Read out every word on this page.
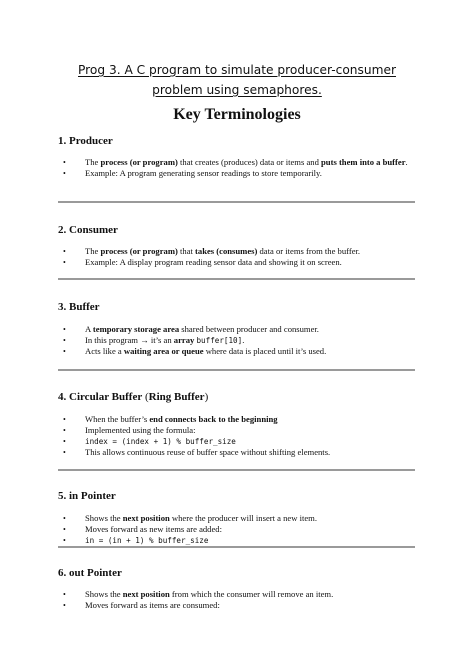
Prog 3. A C program to simulate producer-consumer
problem using semaphores.
Key Terminologies
1. Producer
• The process (or program) that creates (produces) data or items and puts them into a buffer.
• Example: A program generating sensor readings to store temporarily.
2. Consumer
• The process (or program) that takes (consumes) data or items from the buffer.
• Example: A display program reading sensor data and showing it on screen.
3. Buffer
• A temporary storage area shared between producer and consumer.
• In this program → it’s an array buffer[10].
• Acts like a waiting area or queue where data is placed until it’s used.
4. Circular Buffer (Ring Buffer)
• When the buffer’s end connects back to the beginning
• Implemented using the formula:
•	index = (index + 1) % buffer_size
• This allows continuous reuse of buffer space without shifting elements.
5. in Pointer
• Shows the next position where the producer will insert a new item.
• Moves forward as new items are added:
•	in = (in + 1) % buffer_size
6. out Pointer
• Shows the next position from which the consumer will remove an item.
• Moves forward as items are consumed:
